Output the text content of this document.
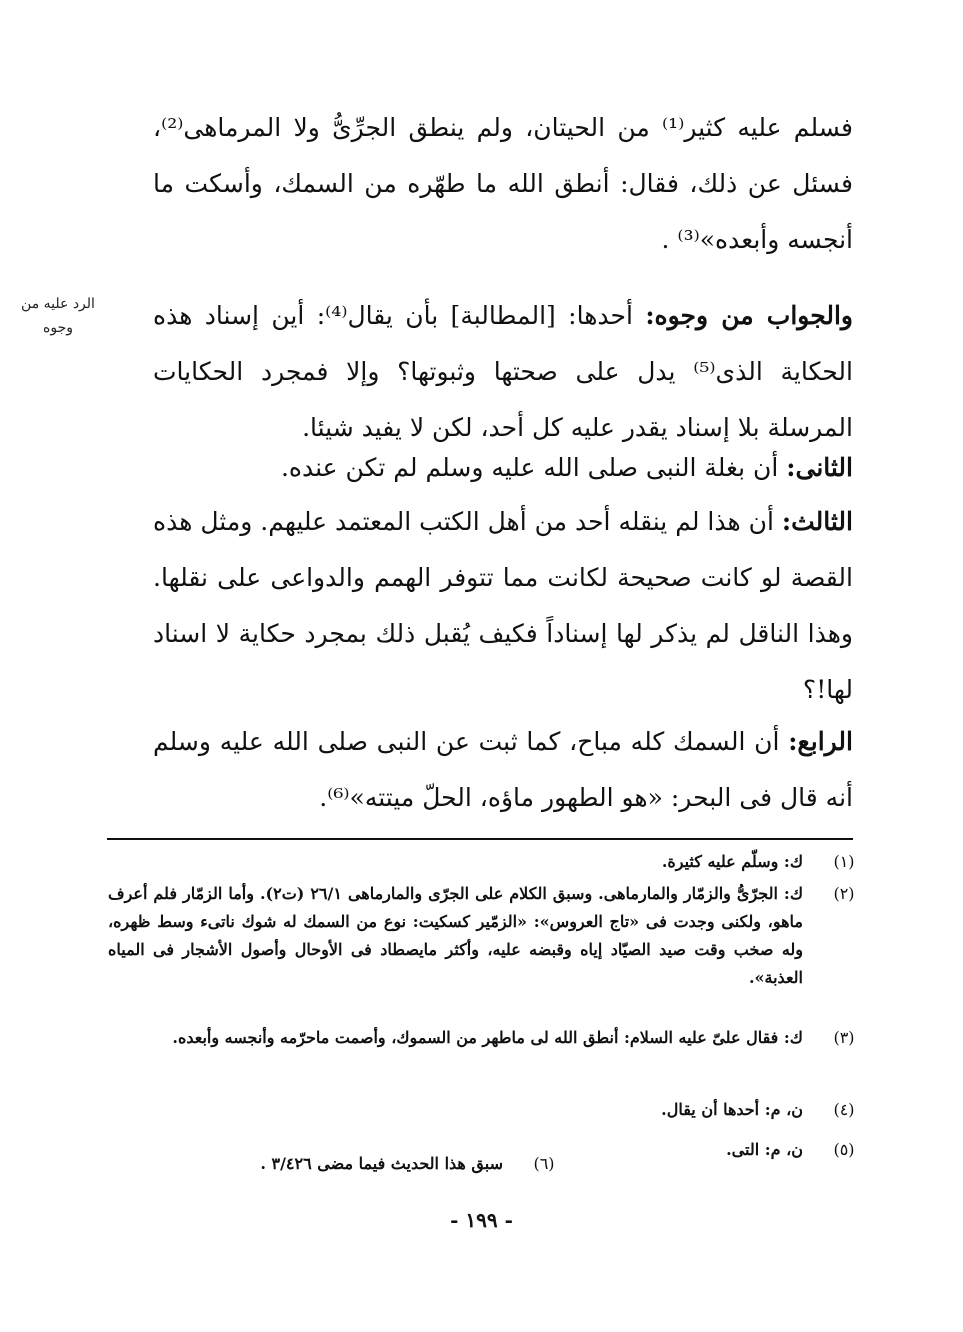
فسلم عليه كثير⁽¹⁾ من الحيتان، ولم ينطق الجرِّىُّ ولا المرماهى⁽²⁾، فسئل عن ذلك، فقال: أنطق الله ما طهّره من السمك، وأسكت ما أنجسه وأبعده»⁽³⁾ .

والجواب من وجوه: أحدها: [المطالبة] بأن يقال⁽⁴⁾: أين إسناد هذه الحكاية الذى⁽⁵⁾ يدل على صحتها وثبوتها؟ وإلا فمجرد الحكايات المرسلة بلا إسناد يقدر عليه كل أحد، لكن لا يفيد شيئا.

الرد عليه من وجوه

الثانى: أن بغلة النبى صلى الله عليه وسلم لم تكن عنده.

الثالث: أن هذا لم ينقله أحد من أهل الكتب المعتمد عليهم. ومثل هذه القصة لو كانت صحيحة لكانت مما تتوفر الهمم والدواعى على نقلها. وهذا الناقل لم يذكر لها إسناداً فكيف يُقبل ذلك بمجرد حكاية لا اسناد لها!؟

الرابع: أن السمك كله مباح، كما ثبت عن النبى صلى الله عليه وسلم أنه قال فى البحر: «هو الطهور ماؤه، الحلّ ميتته»⁽⁶⁾.

(١)
ك: وسلّم عليه كثيرة.
(٢)
ك: الجرّىُّ والزمّار والمارماهى. وسبق الكلام على الجرّى والمارماهى ٢٦/١ (ت٢). وأما الزمّار فلم أعرف ماهو، ولكنى وجدت فى «تاج العروس»: «الزمّير كسكيت: نوع من السمك له شوك ناتىء وسط ظهره، وله صخب وقت صيد الصيّاد إياه وقبضه عليه، وأكثر مايصطاد فى الأوحال وأصول الأشجار فى المياه العذبة».
(٣)
ك: فقال علىّ عليه السلام: أنطق الله لى ماطهر من السموك، وأصمت ماحرّمه وأنجسه وأبعده.
(٤)
ن، م: أحدها أن يقال.
(٥)
ن، م: التى.
(٦)
سبق هذا الحديث فيما مضى ٣/٤٢٦ .
- ١٩٩ -
